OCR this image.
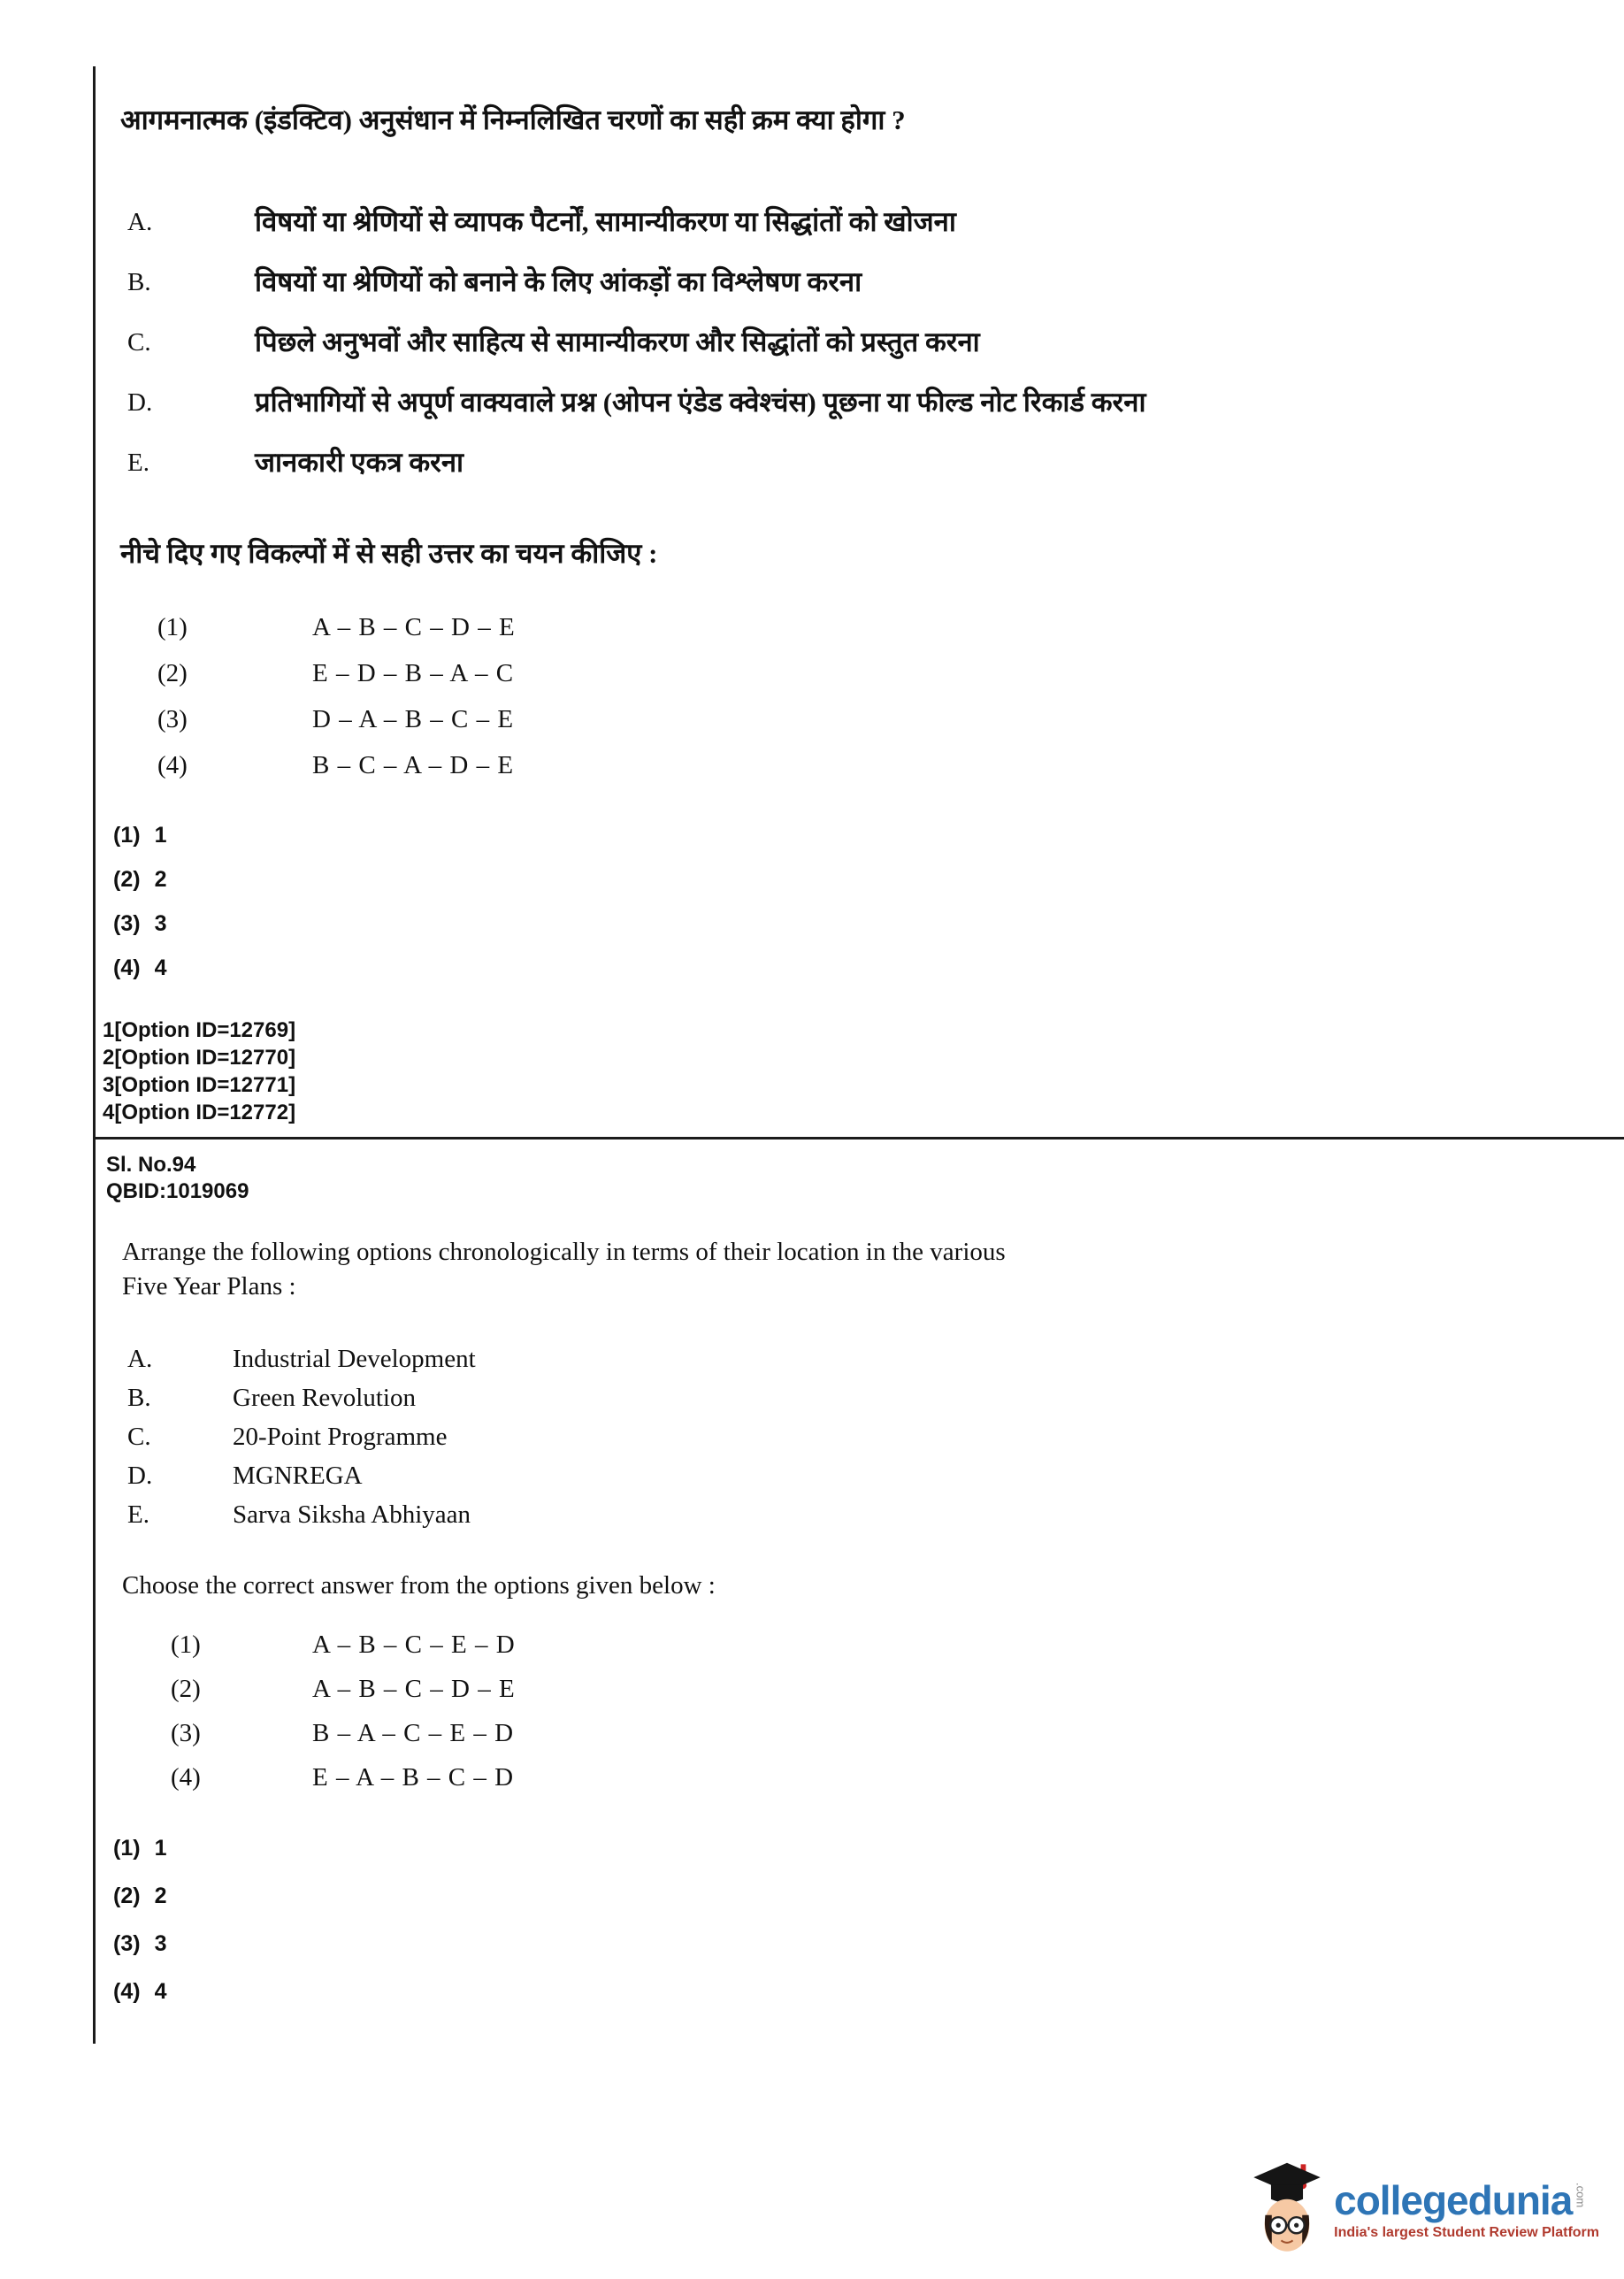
आगमनात्मक (इंडक्टिव) अनुसंधान में निम्नलिखित चरणों का सही क्रम क्या होगा ?
A.	विषयों या श्रेणियों से व्यापक पैटर्नों, सामान्यीकरण या सिद्धांतों को खोजना
B.	विषयों या श्रेणियों को बनाने के लिए आंकड़ों का विश्लेषण करना
C.	पिछले अनुभवों और साहित्य से सामान्यीकरण और सिद्धांतों को प्रस्तुत करना
D.	प्रतिभागियों से अपूर्ण वाक्यवाले प्रश्न (ओपन एंडेड क्वेश्चंस) पूछना या फील्ड नोट रिकार्ड करना
E.	जानकारी एकत्र करना
नीचे दिए गए विकल्पों में से सही उत्तर का चयन कीजिए :
(1)	A – B – C – D – E
(2)	E – D – B – A – C
(3)	D – A – B – C – E
(4)	B – C – A – D – E
(1) 1
(2) 2
(3) 3
(4) 4
1[Option ID=12769]
2[Option ID=12770]
3[Option ID=12771]
4[Option ID=12772]
Sl. No.94
QBID:1019069
Arrange the following options chronologically in terms of their location in the various
Five Year Plans :
A.	Industrial Development
B.	Green Revolution
C.	20-Point Programme
D.	MGNREGA
E.	Sarva Siksha Abhiyaan
Choose the correct answer from the options given below :
(1)	A – B – C – E – D
(2)	A – B – C – D – E
(3)	B – A – C – E – D
(4)	E – A – B – C – D
(1) 1
(2) 2
(3) 3
(4) 4
collegedunia .com
India's largest Student Review Platform
